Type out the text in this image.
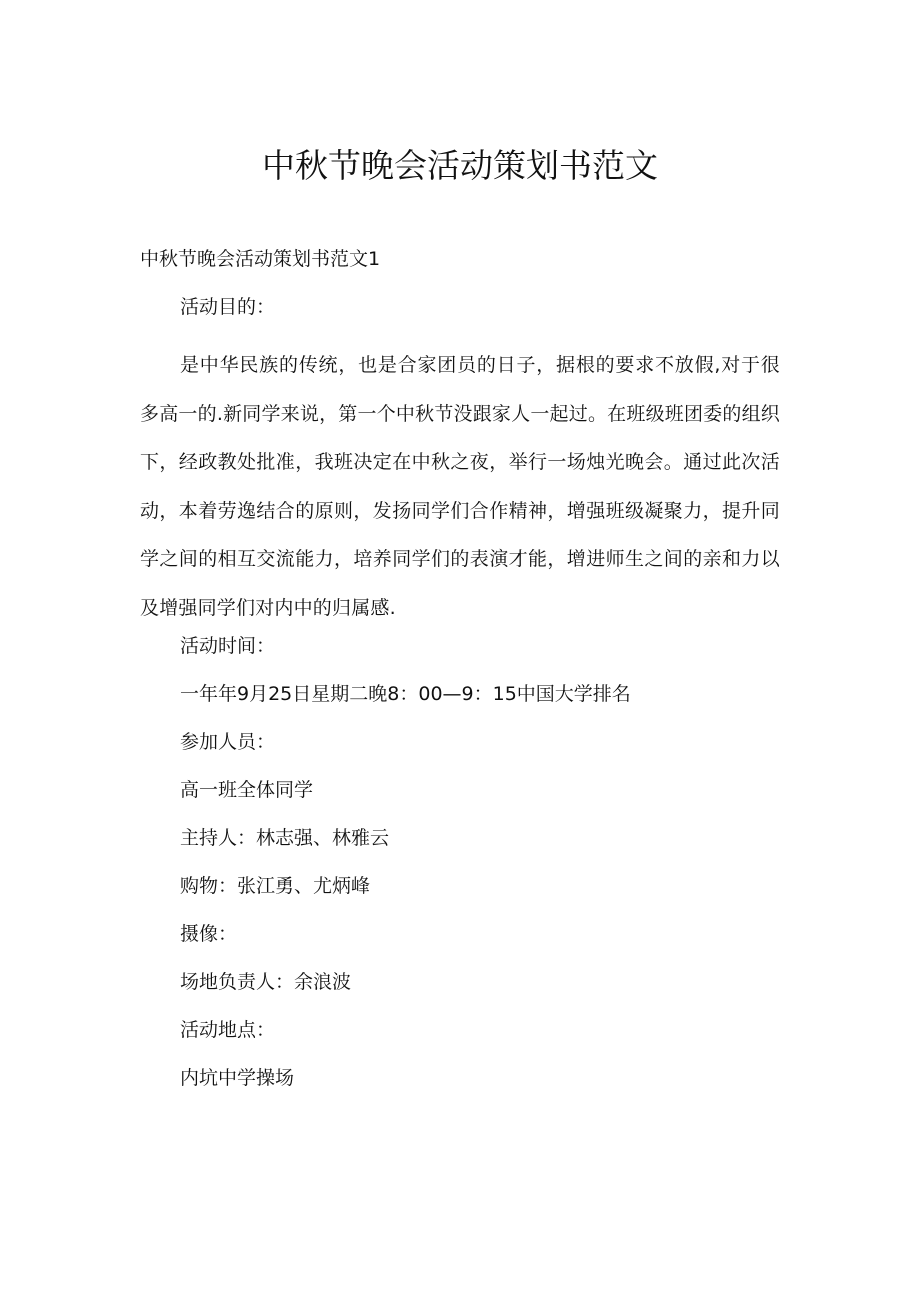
中秋节晚会活动策划书范文

中秋节晚会活动策划书范文1

活动目的：

是中华民族的传统，也是合家团员的日子，据根的要求不放假,对于很多高一的.新同学来说，第一个中秋节没跟家人一起过。在班级班团委的组织下，经政教处批准，我班决定在中秋之夜，举行一场烛光晚会。通过此次活动，本着劳逸结合的原则，发扬同学们合作精神，增强班级凝聚力，提升同学之间的相互交流能力，培养同学们的表演才能，增进师生之间的亲和力以及增强同学们对内中的归属感.

活动时间：

一年年9月25日星期二晚8：00—9：15中国大学排名

参加人员：

高一班全体同学

主持人：林志强、林雅云

购物：张江勇、尤炳峰

摄像：

场地负责人：余浪波

活动地点：

内坑中学操场
